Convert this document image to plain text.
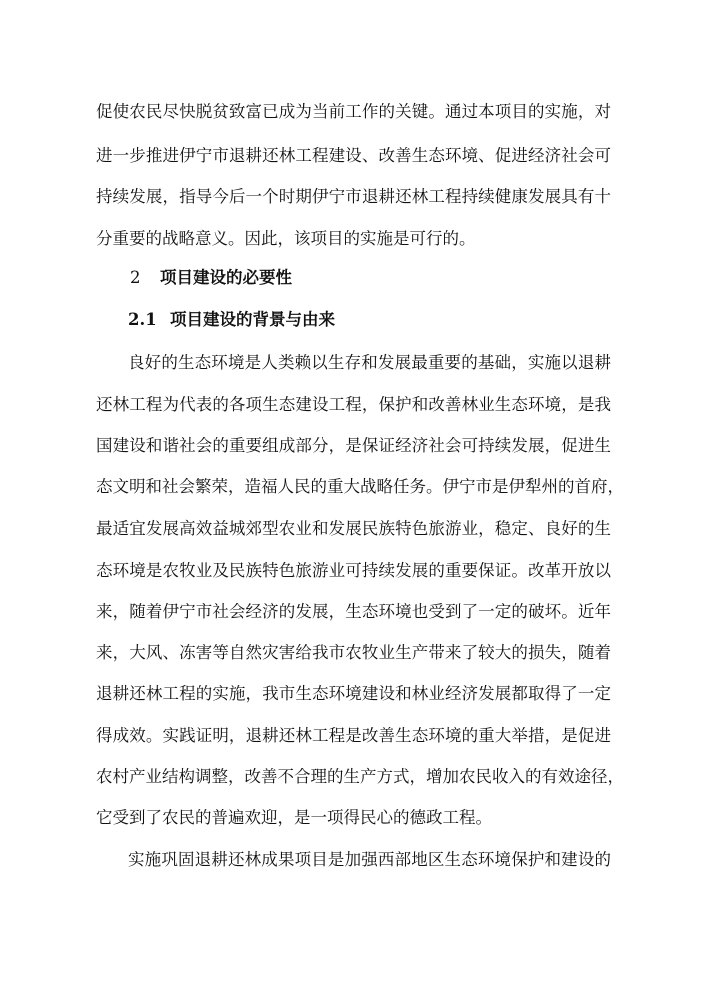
促使农民尽快脱贫致富已成为当前工作的关键。通过本项目的实施，对
进一步推进伊宁市退耕还林工程建设、改善生态环境、促进经济社会可
持续发展，指导今后一个时期伊宁市退耕还林工程持续健康发展具有十
分重要的战略意义。因此，该项目的实施是可行的。
2 项目建设的必要性
2.1 项目建设的背景与由来
良好的生态环境是人类赖以生存和发展最重要的基础，实施以退耕
还林工程为代表的各项生态建设工程，保护和改善林业生态环境，是我
国建设和谐社会的重要组成部分，是保证经济社会可持续发展，促进生
态文明和社会繁荣，造福人民的重大战略任务。伊宁市是伊犁州的首府，
最适宜发展高效益城郊型农业和发展民族特色旅游业，稳定、良好的生
态环境是农牧业及民族特色旅游业可持续发展的重要保证。改革开放以
来，随着伊宁市社会经济的发展，生态环境也受到了一定的破坏。近年
来，大风、冻害等自然灾害给我市农牧业生产带来了较大的损失，随着
退耕还林工程的实施，我市生态环境建设和林业经济发展都取得了一定
得成效。实践证明，退耕还林工程是改善生态环境的重大举措，是促进
农村产业结构调整，改善不合理的生产方式，增加农民收入的有效途径，
它受到了农民的普遍欢迎，是一项得民心的德政工程。
实施巩固退耕还林成果项目是加强西部地区生态环境保护和建设的
